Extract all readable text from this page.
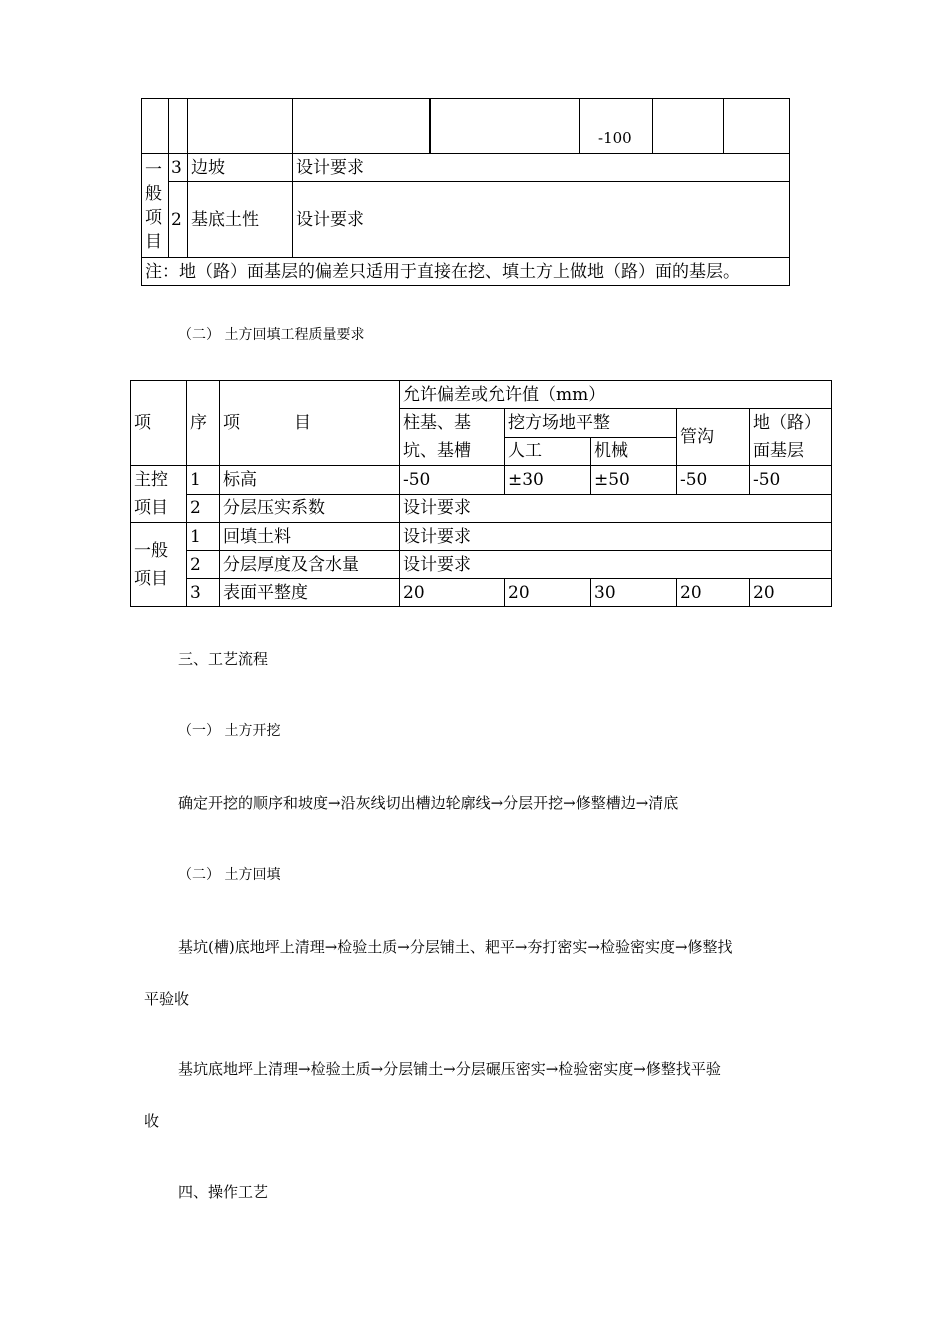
					-100		
一般项目	3	边坡	设计要求				
	2	基底土性	设计要求				
注：地（路）面基层的偏差只适用于直接在挖、填土方上做地（路）面的基层。							
（二） 土方回填工程质量要求
项	序	项          目	允许偏差或允许值（mm）				
			柱基、基坑、基槽	挖方场地平整		管沟	地（路）面基层
				人工	机械		
主控项目	1	标高	-50	±30	±50	-50	-50
	2	分层压实系数	设计要求				
一般项目	1	回填土料	设计要求				
	2	分层厚度及含水量	设计要求				
	3	表面平整度	20	20	30	20	20
三、工艺流程
（一） 土方开挖
确定开挖的顺序和坡度→沿灰线切出槽边轮廓线→分层开挖→修整槽边→清底
（二） 土方回填
基坑(槽)底地坪上清理→检验土质→分层铺土、耙平→夯打密实→检验密实度→修整找
平验收
基坑底地坪上清理→检验土质→分层铺土→分层碾压密实→检验密实度→修整找平验
收
四、操作工艺
